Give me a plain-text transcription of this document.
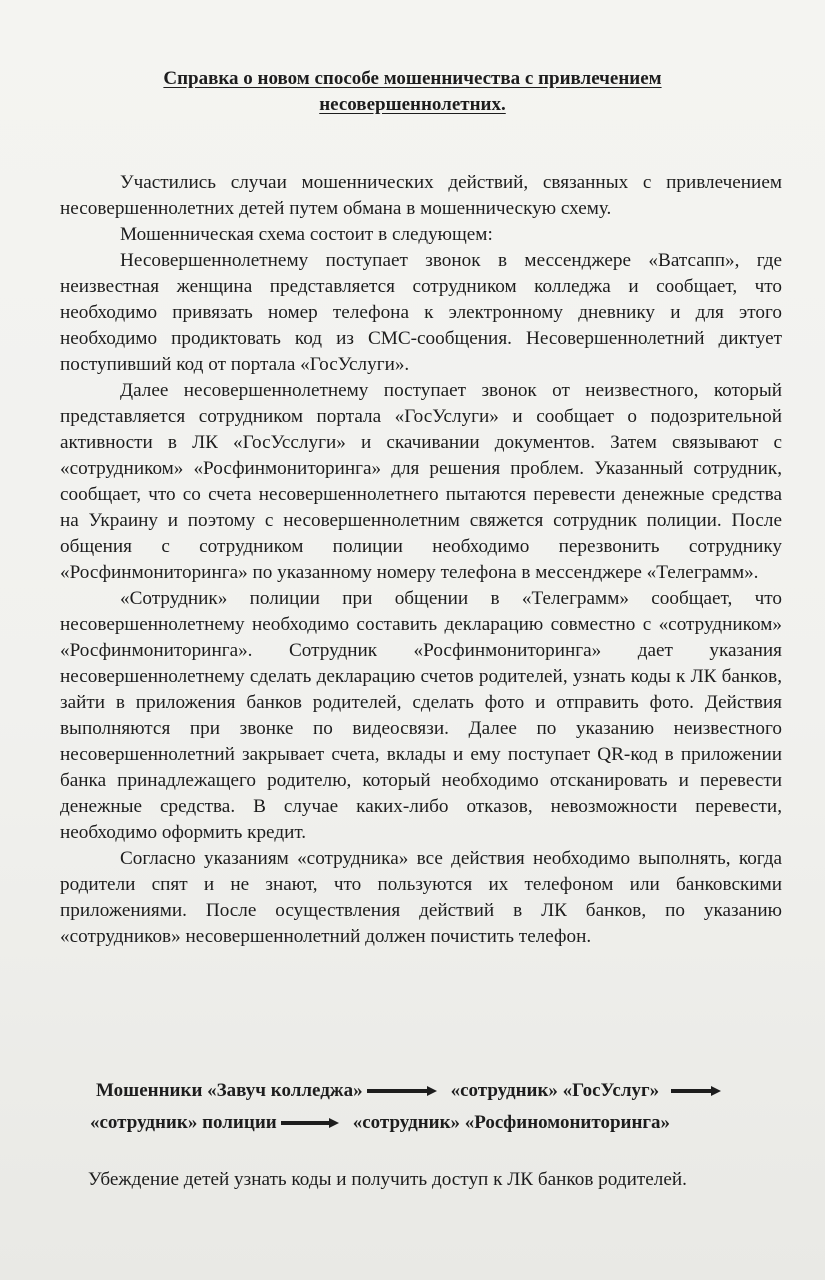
Справка о новом способе мошенничества с привлечением
несовершеннолетних.

Участились случаи мошеннических действий, связанных с привлечением несовершеннолетних детей путем обмана в мошенническую схему.

Мошенническая схема состоит в следующем:

Несовершеннолетнему поступает звонок в мессенджере «Ватсапп», где неизвестная женщина представляется сотрудником колледжа и сообщает, что необходимо привязать номер телефона к электронному дневнику и для этого необходимо продиктовать код из СМС-сообщения. Несовершеннолетний диктует поступивший код от портала «ГосУслуги».

Далее несовершеннолетнему поступает звонок от неизвестного, который представляется сотрудником портала «ГосУслуги» и сообщает о подозрительной активности в ЛК «ГосУсслуги» и скачивании документов. Затем связывают с «сотрудником» «Росфинмониторинга» для решения проблем. Указанный сотрудник, сообщает, что со счета несовершеннолетнего пытаются перевести денежные средства на Украину и поэтому с несовершеннолетним свяжется сотрудник полиции. После общения с сотрудником полиции необходимо перезвонить сотруднику «Росфинмониторинга» по указанному номеру телефона в мессенджере «Телеграмм».

«Сотрудник» полиции при общении в «Телеграмм» сообщает, что несовершеннолетнему необходимо составить декларацию совместно с «сотрудником» «Росфинмониторинга». Сотрудник «Росфинмониторинга» дает указания несовершеннолетнему сделать декларацию счетов родителей, узнать коды к ЛК банков, зайти в приложения банков родителей, сделать фото и отправить фото. Действия выполняются при звонке по видеосвязи. Далее по указанию неизвестного несовершеннолетний закрывает счета, вклады и ему поступает QR-код в приложении банка принадлежащего родителю, который необходимо отсканировать и перевести денежные средства. В случае каких-либо отказов, невозможности перевести, необходимо оформить кредит.

Согласно указаниям «сотрудника» все действия необходимо выполнять, когда родители спят и не знают, что пользуются их телефоном или банковскими приложениями. После осуществления действий в ЛК банков, по указанию «сотрудников» несовершеннолетний должен почистить телефон.

Мошенники «Завуч колледжа»	«сотрудник» «ГосУслуг»
«сотрудник» полиции	«сотрудник» «Росфиномониторинга»
Убеждение детей узнать коды и получить доступ к ЛК банков родителей.
